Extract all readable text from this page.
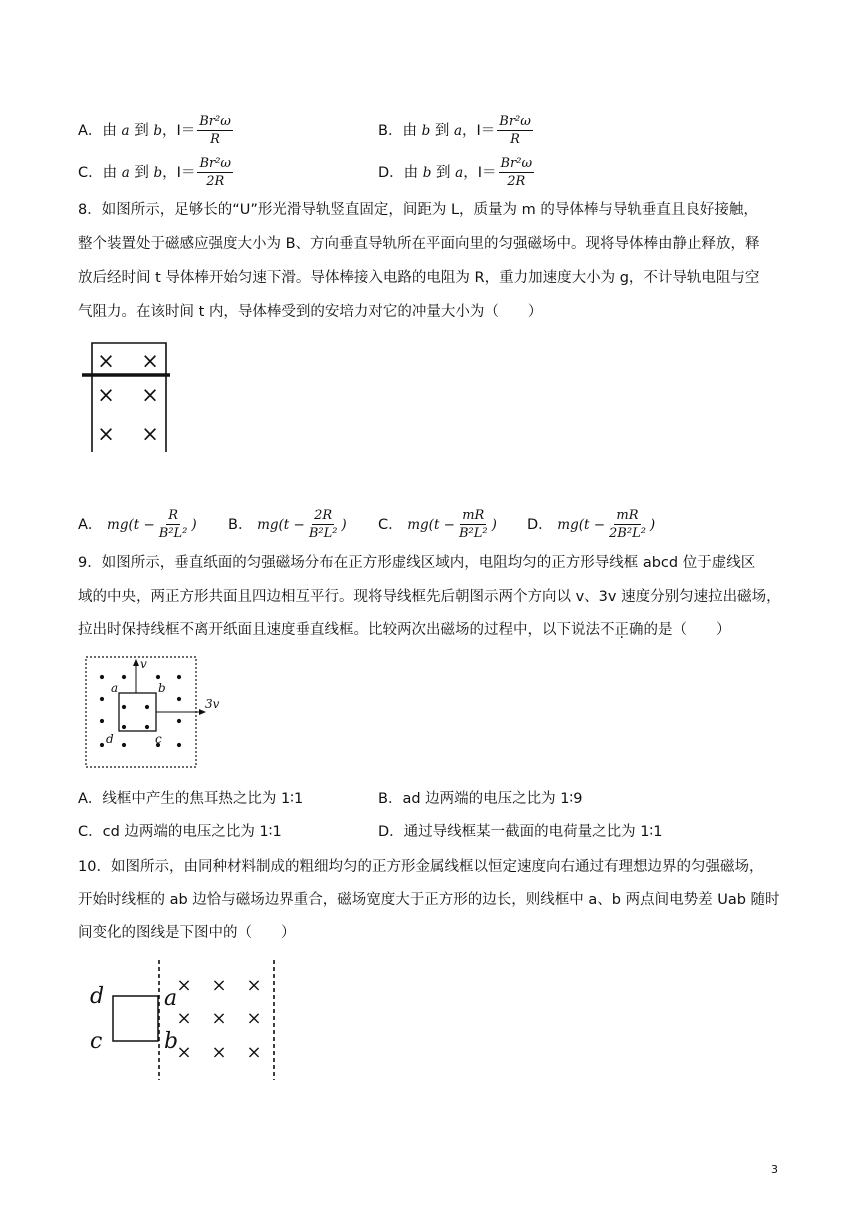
A．由
a
到
b ，$I= \frac{\text{Br²ω}}{R}$	B．由
b
到
a ，$I= \frac{\text{Br²ω}}{R}$
C．由
a
到
b ，$I= \frac{\text{Br²ω}}{2R}$	D．由
b
到
a ，$I= \frac{\text{Br²ω}}{2R}$
8．如图所示，足够长的“U”形光滑导轨竖直固定，间距为 L，质量为 m 的导体棒与导轨垂直且良好接触，
整个装置处于磁感应强度大小为 B、方向垂直导轨所在平面向里的匀强磁场中。现将导体棒由静止释放，释
放后经时间 t 导体棒开始匀速下滑。导体棒接入电路的电阻为 R，重力加速度大小为 g，不计导轨电阻与空
气阻力。在该时间 t 内，导体棒受到的安培力对它的冲量大小为（　　）
× ×
× ×
× ×
A．
$mg(t - \frac{R}{\text{B²L²}}$ ) B．
$mg(t - \frac{2R}{\text{B²L²}}$ ) C．
$mg(t - \frac{mR}{\text{B²L²}}$ ) D．
$mg(t - \frac{mR}{\text{2B²L²}}$ )
9．如图所示，垂直纸面的匀强磁场分布在正方形虚线区域内，电阻均匀的正方形导线框 abcd 位于虚线区
域的中央，两正方形共面且四边相互平行。现将导线框先后朝图示两个方向以 v、3v 速度分别匀速拉出磁场，
拉出时保持线框不离开纸面且速度垂直线框。比较两次出磁场的过程中，以下说法不正确的是（　　）
v
3v
a	b
c
d
A．线框中产生的焦耳热之比为 1∶1	B．ad 边两端的电压之比为 1∶9
C．cd 边两端的电压之比为 1∶1	D．通过导线框某一截面的电荷量之比为 1∶1
10．如图所示，由同种材料制成的粗细均匀的正方形金属线框以恒定速度向右通过有理想边界的匀强磁场，
开始时线框的 ab 边恰与磁场边界重合，磁场宽度大于正方形的边长，则线框中 a、b 两点间电势差 Uab 随时
间变化的图线是下图中的（　　）
d
c
a
b
× × ×
× × ×
× × ×
3
